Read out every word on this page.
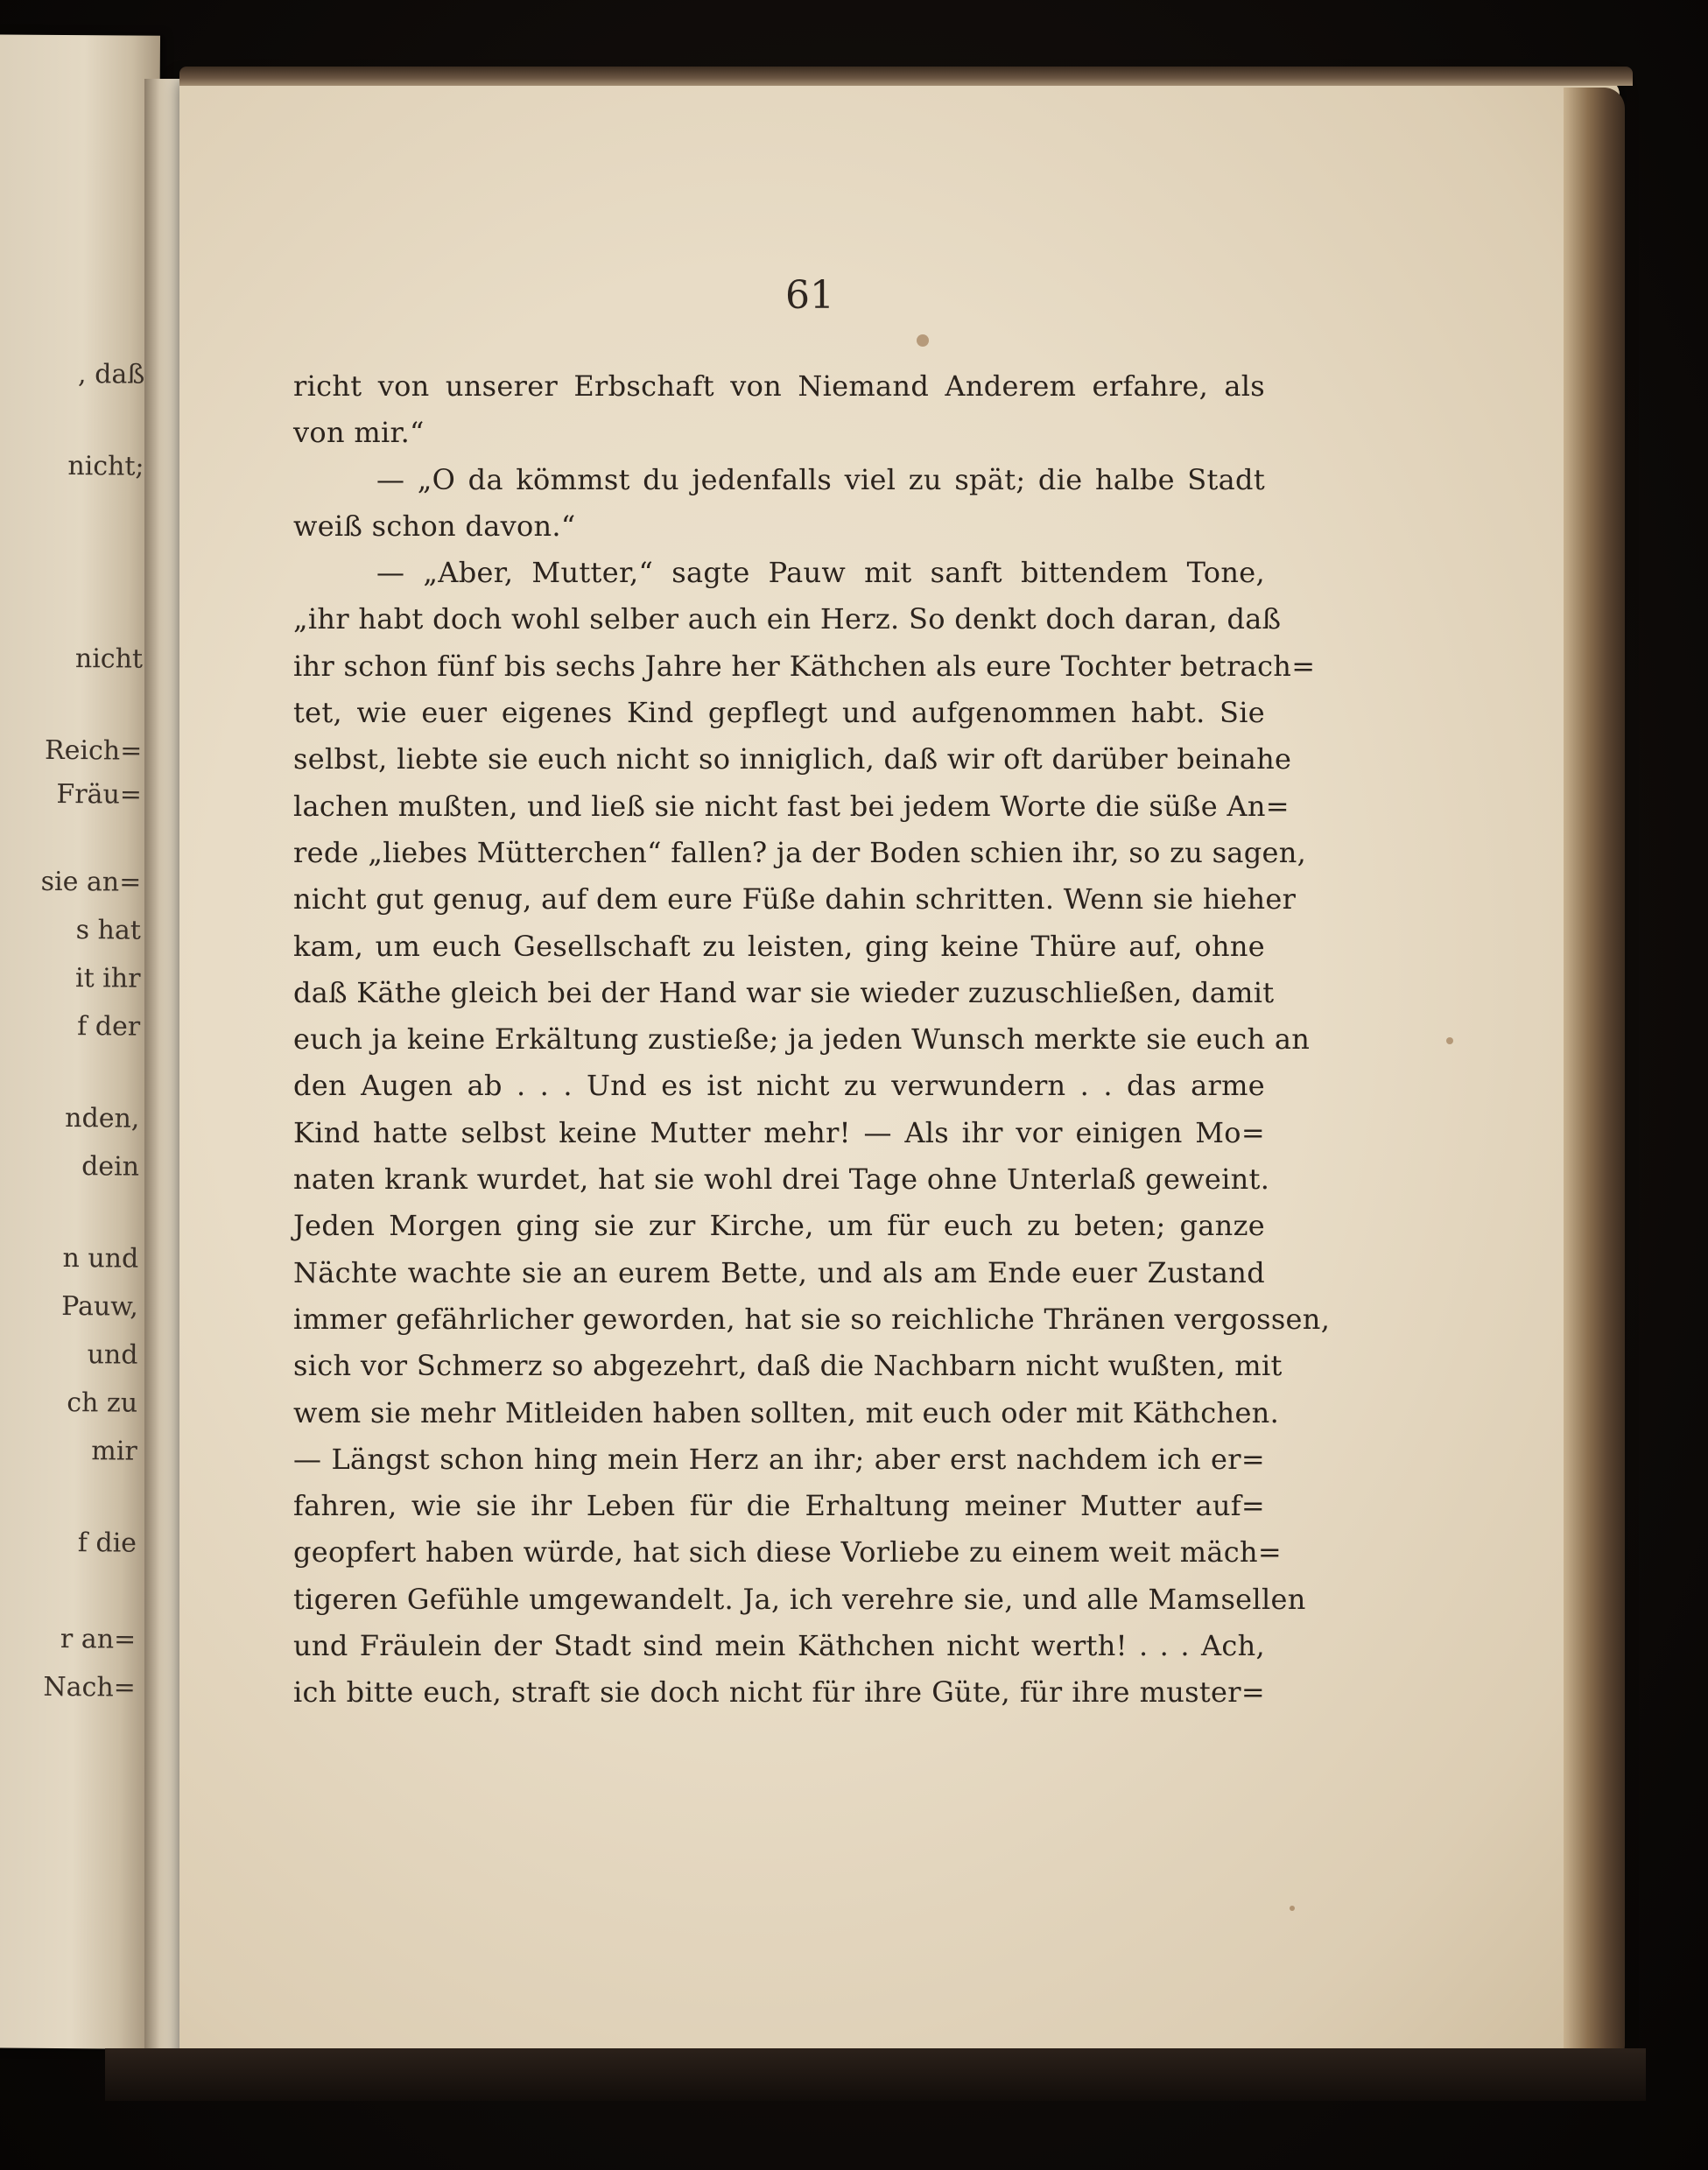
, daß
nicht;
nicht
Reich=
Fräu=
sie an=
s hat
it ihr
f der
nden,
dein
n und
Pauw,
und
ch zu
mir
f die
r an=
Nach=
61
richt von unserer Erbschaft von Niemand Anderem erfahre, als
von mir.“
— „O da kömmst du jedenfalls viel zu spät; die halbe Stadt
weiß schon davon.“
— „Aber, Mutter,“ sagte Pauw mit sanft bittendem Tone,
„ihr habt doch wohl selber auch ein Herz. So denkt doch daran, daß
ihr schon fünf bis sechs Jahre her Käthchen als eure Tochter betrach=
tet, wie euer eigenes Kind gepflegt und aufgenommen habt. Sie
selbst, liebte sie euch nicht so inniglich, daß wir oft darüber beinahe
lachen mußten, und ließ sie nicht fast bei jedem Worte die süße An=
rede „liebes Mütterchen“ fallen? ja der Boden schien ihr, so zu sagen,
nicht gut genug, auf dem eure Füße dahin schritten. Wenn sie hieher
kam, um euch Gesellschaft zu leisten, ging keine Thüre auf, ohne
daß Käthe gleich bei der Hand war sie wieder zuzuschließen, damit
euch ja keine Erkältung zustieße; ja jeden Wunsch merkte sie euch an
den Augen ab . . . Und es ist nicht zu verwundern . . das arme
Kind hatte selbst keine Mutter mehr! — Als ihr vor einigen Mo=
naten krank wurdet, hat sie wohl drei Tage ohne Unterlaß geweint.
Jeden Morgen ging sie zur Kirche, um für euch zu beten; ganze
Nächte wachte sie an eurem Bette, und als am Ende euer Zustand
immer gefährlicher geworden, hat sie so reichliche Thränen vergossen,
sich vor Schmerz so abgezehrt, daß die Nachbarn nicht wußten, mit
wem sie mehr Mitleiden haben sollten, mit euch oder mit Käthchen.
— Längst schon hing mein Herz an ihr; aber erst nachdem ich er=
fahren, wie sie ihr Leben für die Erhaltung meiner Mutter auf=
geopfert haben würde, hat sich diese Vorliebe zu einem weit mäch=
tigeren Gefühle umgewandelt. Ja, ich verehre sie, und alle Mamsellen
und Fräulein der Stadt sind mein Käthchen nicht werth! . . . Ach,
ich bitte euch, straft sie doch nicht für ihre Güte, für ihre muster=
